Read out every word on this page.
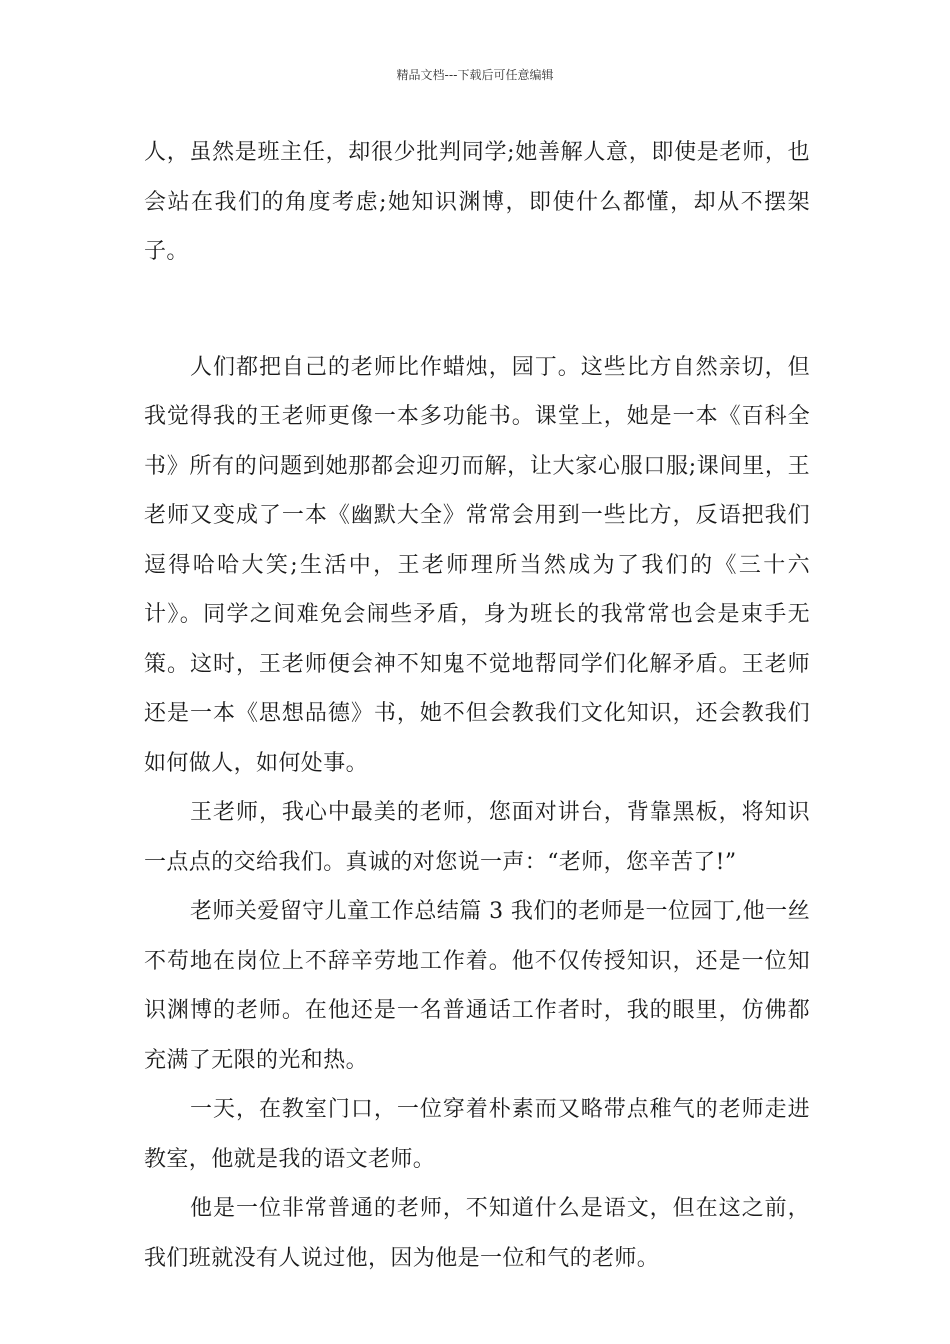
精品文档---下载后可任意编辑

人，虽然是班主任，却很少批判同学;她善解人意，即使是老师，也会站在我们的角度考虑;她知识渊博，即使什么都懂，却从不摆架子。

人们都把自己的老师比作蜡烛，园丁。这些比方自然亲切，但我觉得我的王老师更像一本多功能书。课堂上，她是一本《百科全书》所有的问题到她那都会迎刃而解，让大家心服口服;课间里，王老师又变成了一本《幽默大全》常常会用到一些比方，反语把我们逗得哈哈大笑;生活中，王老师理所当然成为了我们的《三十六计》。同学之间难免会闹些矛盾，身为班长的我常常也会是束手无策。这时，王老师便会神不知鬼不觉地帮同学们化解矛盾。王老师还是一本《思想品德》书，她不但会教我们文化知识，还会教我们如何做人，如何处事。

王老师，我心中最美的老师，您面对讲台，背靠黑板，将知识一点点的交给我们。真诚的对您说一声：“老师，您辛苦了!”

老师关爱留守儿童工作总结篇 3 我们的老师是一位园丁,他一丝不苟地在岗位上不辞辛劳地工作着。他不仅传授知识，还是一位知识渊博的老师。在他还是一名普通话工作者时，我的眼里，仿佛都充满了无限的光和热。

一天，在教室门口，一位穿着朴素而又略带点稚气的老师走进教室，他就是我的语文老师。

他是一位非常普通的老师，不知道什么是语文，但在这之前，我们班就没有人说过他，因为他是一位和气的老师。
